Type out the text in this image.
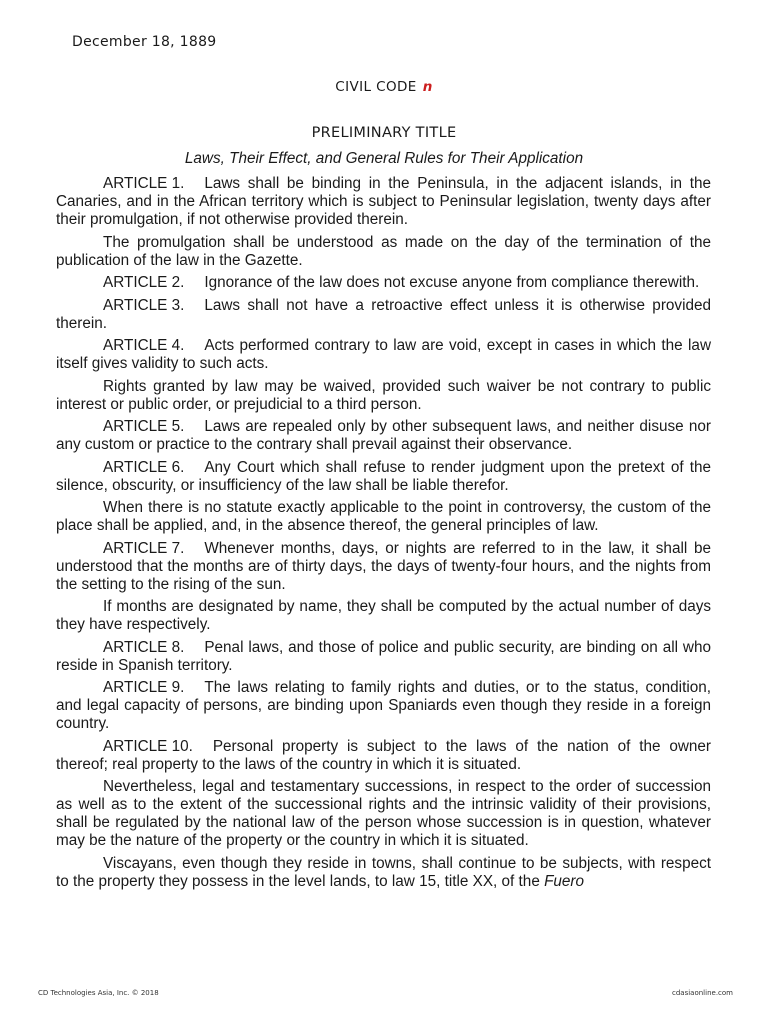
December 18, 1889
CIVIL CODE n
PRELIMINARY TITLE
Laws, Their Effect, and General Rules for Their Application

ARTICLE 1. Laws shall be binding in the Peninsula, in the adjacent islands, in the Canaries, and in the African territory which is subject to Peninsular legislation, twenty days after their promulgation, if not otherwise provided therein.

The promulgation shall be understood as made on the day of the termination of the publication of the law in the Gazette.

ARTICLE 2. Ignorance of the law does not excuse anyone from compliance therewith.

ARTICLE 3. Laws shall not have a retroactive effect unless it is otherwise provided therein.

ARTICLE 4. Acts performed contrary to law are void, except in cases in which the law itself gives validity to such acts.

Rights granted by law may be waived, provided such waiver be not contrary to public interest or public order, or prejudicial to a third person.

ARTICLE 5. Laws are repealed only by other subsequent laws, and neither disuse nor any custom or practice to the contrary shall prevail against their observance.

ARTICLE 6. Any Court which shall refuse to render judgment upon the pretext of the silence, obscurity, or insufficiency of the law shall be liable therefor.

When there is no statute exactly applicable to the point in controversy, the custom of the place shall be applied, and, in the absence thereof, the general principles of law.

ARTICLE 7. Whenever months, days, or nights are referred to in the law, it shall be understood that the months are of thirty days, the days of twenty-four hours, and the nights from the setting to the rising of the sun.

If months are designated by name, they shall be computed by the actual number of days they have respectively.

ARTICLE 8. Penal laws, and those of police and public security, are binding on all who reside in Spanish territory.

ARTICLE 9. The laws relating to family rights and duties, or to the status, condition, and legal capacity of persons, are binding upon Spaniards even though they reside in a foreign country.

ARTICLE 10. Personal property is subject to the laws of the nation of the owner thereof; real property to the laws of the country in which it is situated.

Nevertheless, legal and testamentary successions, in respect to the order of succession as well as to the extent of the successional rights and the intrinsic validity of their provisions, shall be regulated by the national law of the person whose succession is in question, whatever may be the nature of the property or the country in which it is situated.

Viscayans, even though they reside in towns, shall continue to be subjects, with respect to the property they possess in the level lands, to law 15, title XX, of the Fuero

CD Technologies Asia, Inc. © 2018	cdasiaonline.com
